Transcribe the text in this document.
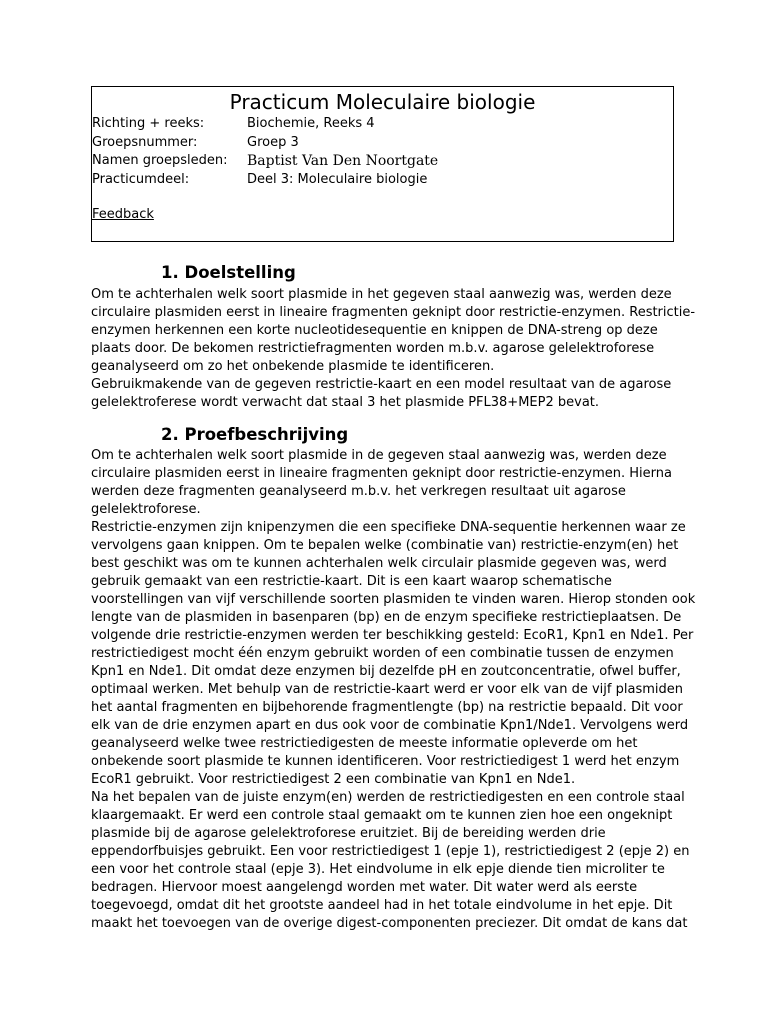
Practicum Moleculaire biologie
Richting + reeks:	Biochemie, Reeks 4
Groepsnummer:	Groep 3
Namen groepsleden: Baptist Van Den Noortgate
Practicumdeel:	Deel 3: Moleculaire biologie
Feedback
1. Doelstelling
Om te achterhalen welk soort plasmide in het gegeven staal aanwezig was, werden deze
circulaire plasmiden eerst in lineaire fragmenten geknipt door restrictie-enzymen. Restrictie-
enzymen herkennen een korte nucleotidesequentie en knippen de DNA-streng op deze
plaats door. De bekomen restrictiefragmenten worden m.b.v. agarose gelelektroforese
geanalyseerd om zo het onbekende plasmide te identificeren.
Gebruikmakende van de gegeven restrictie-kaart en een model resultaat van de agarose
gelelektroferese wordt verwacht dat staal 3 het plasmide PFL38+MEP2 bevat.
2. Proefbeschrijving
Om te achterhalen welk soort plasmide in de gegeven staal aanwezig was, werden deze
circulaire plasmiden eerst in lineaire fragmenten geknipt door restrictie-enzymen. Hierna
werden deze fragmenten geanalyseerd m.b.v. het verkregen resultaat uit agarose
gelelektroforese.
Restrictie-enzymen zijn knipenzymen die een specifieke DNA-sequentie herkennen waar ze
vervolgens gaan knippen. Om te bepalen welke (combinatie van) restrictie-enzym(en) het
best geschikt was om te kunnen achterhalen welk circulair plasmide gegeven was, werd
gebruik gemaakt van een restrictie-kaart. Dit is een kaart waarop schematische
voorstellingen van vijf verschillende soorten plasmiden te vinden waren. Hierop stonden ook
lengte van de plasmiden in basenparen (bp) en de enzym specifieke restrictieplaatsen. De
volgende drie restrictie-enzymen werden ter beschikking gesteld: EcoR1, Kpn1 en Nde1. Per
restrictiedigest mocht één enzym gebruikt worden of een combinatie tussen de enzymen
Kpn1 en Nde1. Dit omdat deze enzymen bij dezelfde pH en zoutconcentratie, ofwel buffer,
optimaal werken. Met behulp van de restrictie-kaart werd er voor elk van de vijf plasmiden
het aantal fragmenten en bijbehorende fragmentlengte (bp) na restrictie bepaald. Dit voor
elk van de drie enzymen apart en dus ook voor de combinatie Kpn1/Nde1. Vervolgens werd
geanalyseerd welke twee restrictiedigesten de meeste informatie opleverde om het
onbekende soort plasmide te kunnen identificeren. Voor restrictiedigest 1 werd het enzym
EcoR1 gebruikt. Voor restrictiedigest 2 een combinatie van Kpn1 en Nde1.
Na het bepalen van de juiste enzym(en) werden de restrictiedigesten en een controle staal
klaargemaakt. Er werd een controle staal gemaakt om te kunnen zien hoe een ongeknipt
plasmide bij de agarose gelelektroforese eruitziet. Bij de bereiding werden drie
eppendorfbuisjes gebruikt. Een voor restrictiedigest 1 (epje 1), restrictiedigest 2 (epje 2) en
een voor het controle staal (epje 3). Het eindvolume in elk epje diende tien microliter te
bedragen. Hiervoor moest aangelengd worden met water. Dit water werd als eerste
toegevoegd, omdat dit het grootste aandeel had in het totale eindvolume in het epje. Dit
maakt het toevoegen van de overige digest-componenten preciezer. Dit omdat de kans dat
